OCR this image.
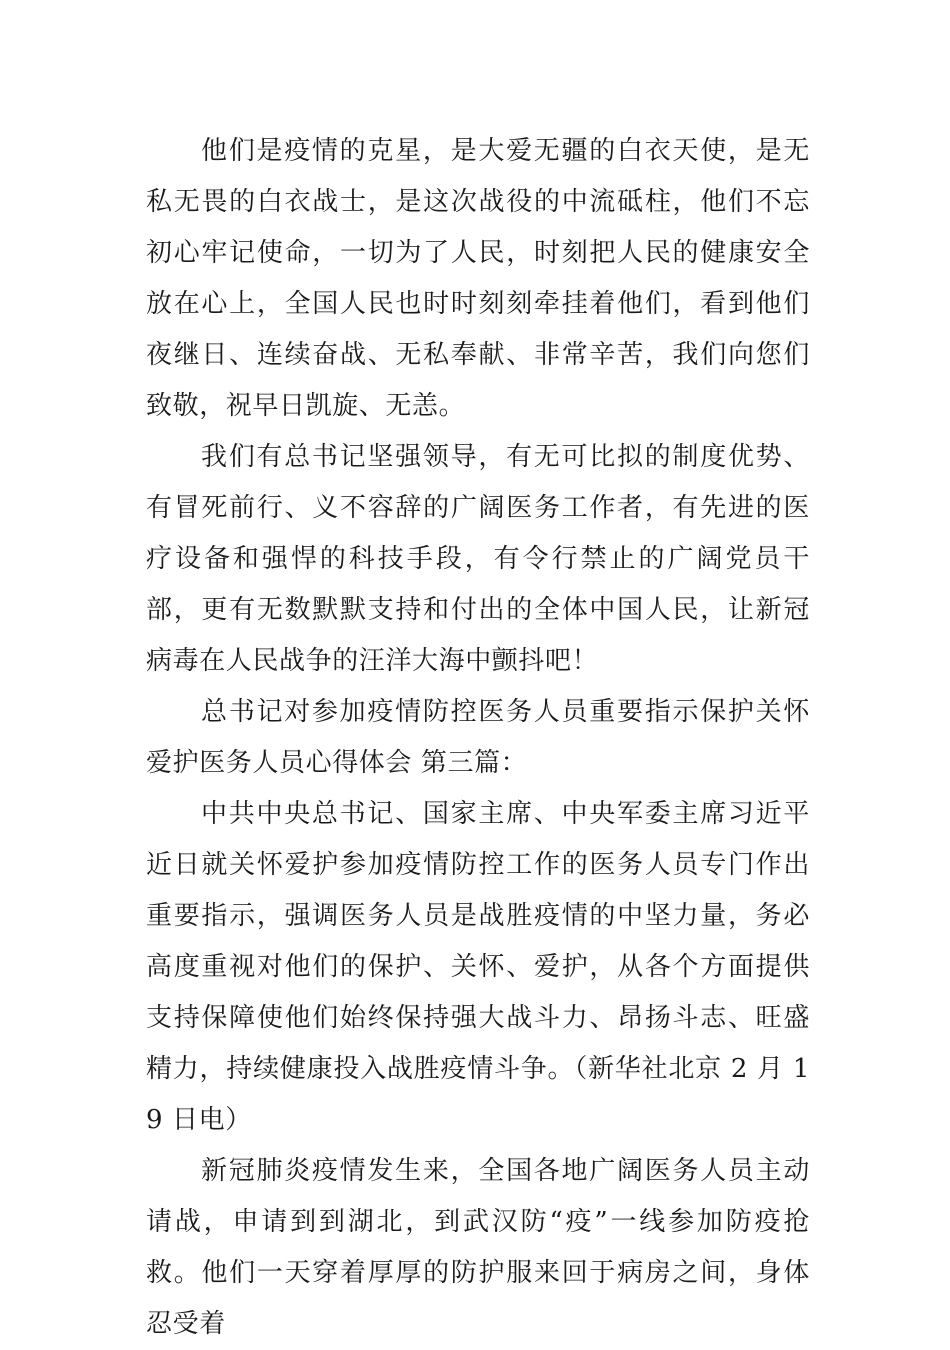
他们是疫情的克星，是大爱无疆的白衣天使，是无私无畏的白衣战士，是这次战役的中流砥柱，他们不忘初心牢记使命，一切为了人民，时刻把人民的健康安全放在心上，全国人民也时时刻刻牵挂着他们，看到他们夜继日、连续奋战、无私奉献、非常辛苦，我们向您们致敬，祝早日凯旋、无恙。

我们有总书记坚强领导，有无可比拟的制度优势、有冒死前行、义不容辞的广阔医务工作者，有先进的医疗设备和强悍的科技手段，有令行禁止的广阔党员干部，更有无数默默支持和付出的全体中国人民，让新冠病毒在人民战争的汪洋大海中颤抖吧！

总书记对参加疫情防控医务人员重要指示保护关怀爱护医务人员心得体会 第三篇：

中共中央总书记、国家主席、中央军委主席习近平近日就关怀爱护参加疫情防控工作的医务人员专门作出重要指示，强调医务人员是战胜疫情的中坚力量，务必高度重视对他们的保护、关怀、爱护，从各个方面提供支持保障使他们始终保持强大战斗力、昂扬斗志、旺盛精力，持续健康投入战胜疫情斗争。（新华社北京 2 月 19 日电）

新冠肺炎疫情发生来，全国各地广阔医务人员主动请战，申请到到湖北，到武汉防“疫”一线参加防疫抢救。他们一天穿着厚厚的防护服来回于病房之间，身体忍受着
